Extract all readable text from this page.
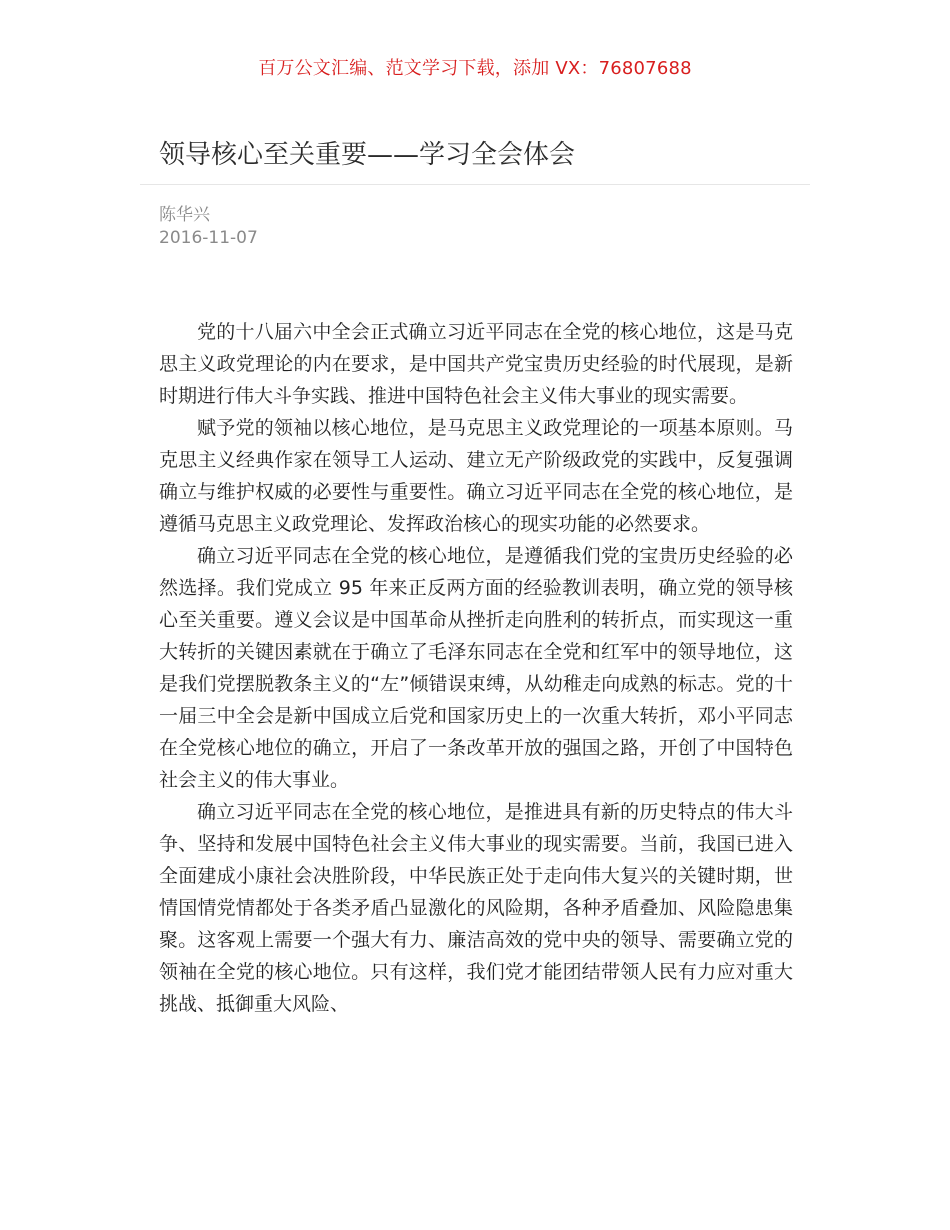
百万公文汇编、范文学习下载，添加 VX：76807688
领导核心至关重要——学习全会体会
陈华兴
2016-11-07

党的十八届六中全会正式确立习近平同志在全党的核心地位，这是马克思主义政党理论的内在要求，是中国共产党宝贵历史经验的时代展现，是新时期进行伟大斗争实践、推进中国特色社会主义伟大事业的现实需要。

赋予党的领袖以核心地位，是马克思主义政党理论的一项基本原则。马克思主义经典作家在领导工人运动、建立无产阶级政党的实践中，反复强调确立与维护权威的必要性与重要性。确立习近平同志在全党的核心地位，是遵循马克思主义政党理论、发挥政治核心的现实功能的必然要求。

确立习近平同志在全党的核心地位，是遵循我们党的宝贵历史经验的必然选择。我们党成立 95 年来正反两方面的经验教训表明，确立党的领导核心至关重要。遵义会议是中国革命从挫折走向胜利的转折点，而实现这一重大转折的关键因素就在于确立了毛泽东同志在全党和红军中的领导地位，这是我们党摆脱教条主义的“左”倾错误束缚，从幼稚走向成熟的标志。党的十一届三中全会是新中国成立后党和国家历史上的一次重大转折，邓小平同志在全党核心地位的确立，开启了一条改革开放的强国之路，开创了中国特色社会主义的伟大事业。

确立习近平同志在全党的核心地位，是推进具有新的历史特点的伟大斗争、坚持和发展中国特色社会主义伟大事业的现实需要。当前，我国已进入全面建成小康社会决胜阶段，中华民族正处于走向伟大复兴的关键时期，世情国情党情都处于各类矛盾凸显激化的风险期，各种矛盾叠加、风险隐患集聚。这客观上需要一个强大有力、廉洁高效的党中央的领导、需要确立党的领袖在全党的核心地位。只有这样，我们党才能团结带领人民有力应对重大挑战、抵御重大风险、
